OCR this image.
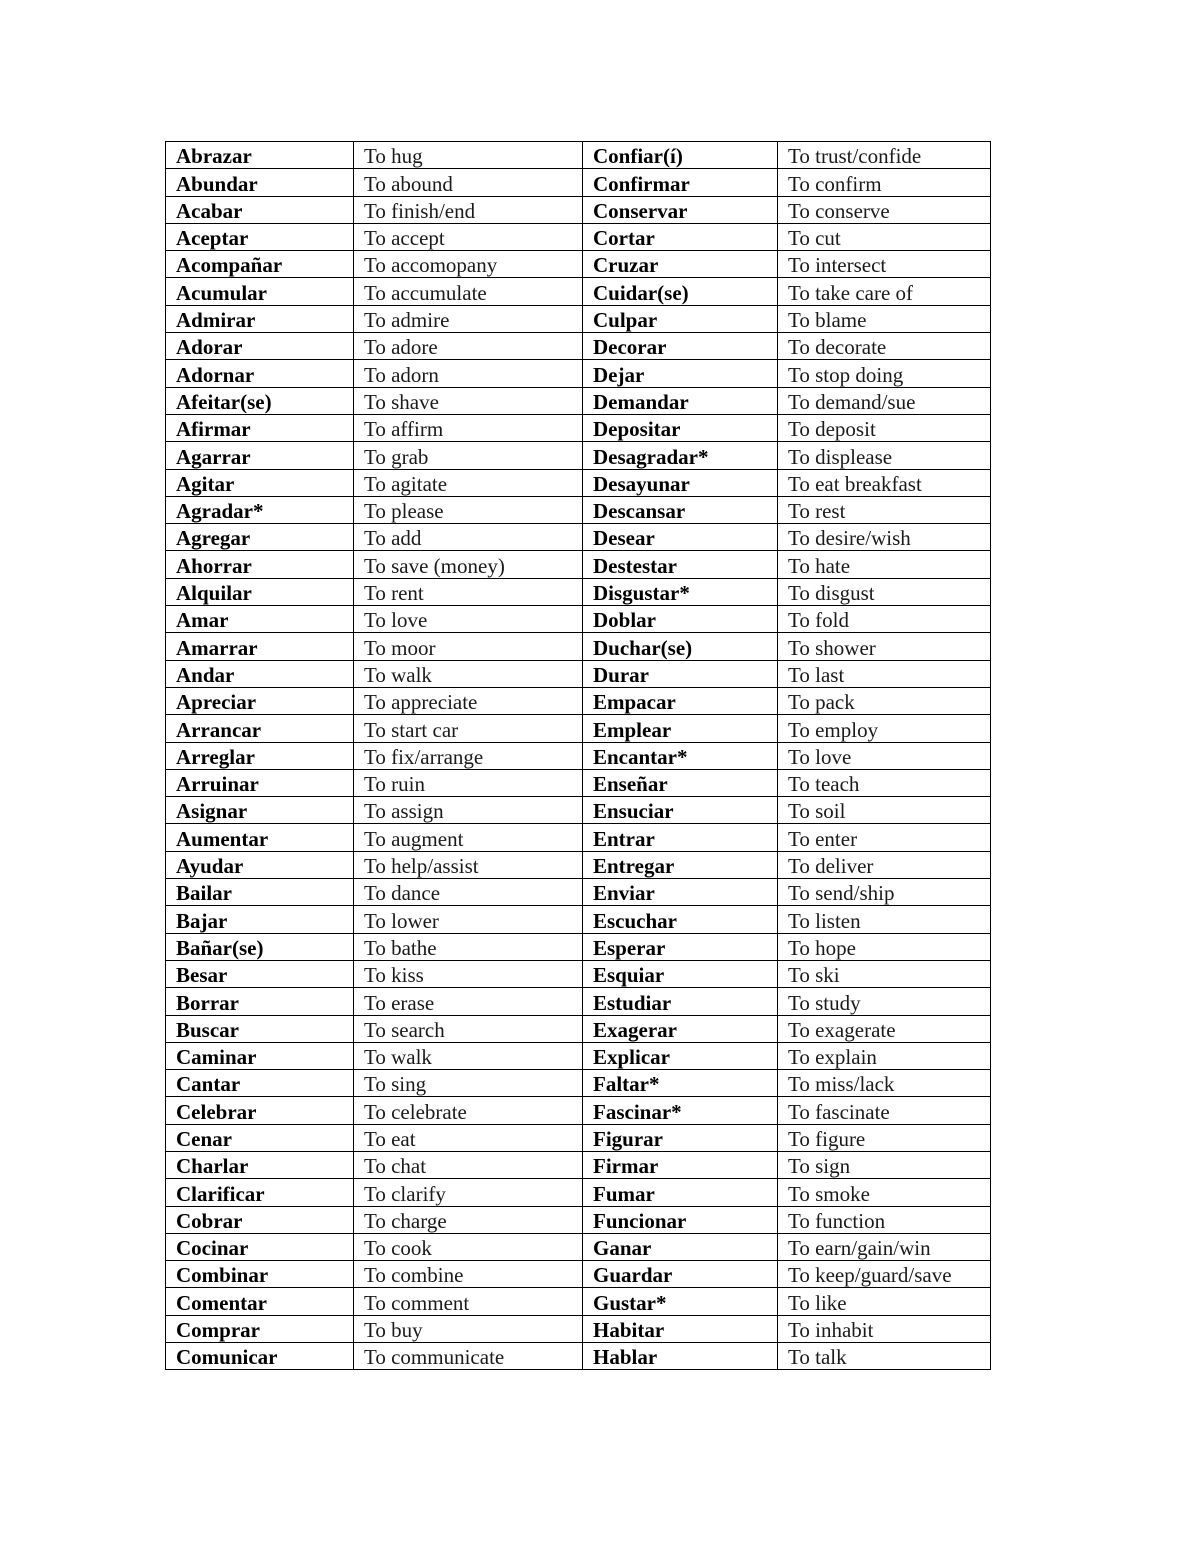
Abrazar	To hug	Confiar(í)	To trust/confide
Abundar	To abound	Confirmar	To confirm
Acabar	To finish/end	Conservar	To conserve
Aceptar	To accept	Cortar	To cut
Acompañar	To accomopany	Cruzar	To intersect
Acumular	To accumulate	Cuidar(se)	To take care of
Admirar	To admire	Culpar	To blame
Adorar	To adore	Decorar	To decorate
Adornar	To adorn	Dejar	To stop doing
Afeitar(se)	To shave	Demandar	To demand/sue
Afirmar	To affirm	Depositar	To deposit
Agarrar	To grab	Desagradar*	To displease
Agitar	To agitate	Desayunar	To eat breakfast
Agradar*	To please	Descansar	To rest
Agregar	To add	Desear	To desire/wish
Ahorrar	To save (money)	Destestar	To hate
Alquilar	To rent	Disgustar*	To disgust
Amar	To love	Doblar	To fold
Amarrar	To moor	Duchar(se)	To shower
Andar	To walk	Durar	To last
Apreciar	To appreciate	Empacar	To pack
Arrancar	To start car	Emplear	To employ
Arreglar	To fix/arrange	Encantar*	To love
Arruinar	To ruin	Enseñar	To teach
Asignar	To assign	Ensuciar	To soil
Aumentar	To augment	Entrar	To enter
Ayudar	To help/assist	Entregar	To deliver
Bailar	To dance	Enviar	To send/ship
Bajar	To lower	Escuchar	To listen
Bañar(se)	To bathe	Esperar	To hope
Besar	To kiss	Esquiar	To ski
Borrar	To erase	Estudiar	To study
Buscar	To search	Exagerar	To exagerate
Caminar	To walk	Explicar	To explain
Cantar	To sing	Faltar*	To miss/lack
Celebrar	To celebrate	Fascinar*	To fascinate
Cenar	To eat	Figurar	To figure
Charlar	To chat	Firmar	To sign
Clarificar	To clarify	Fumar	To smoke
Cobrar	To charge	Funcionar	To function
Cocinar	To cook	Ganar	To earn/gain/win
Combinar	To combine	Guardar	To keep/guard/save
Comentar	To comment	Gustar*	To like
Comprar	To buy	Habitar	To inhabit
Comunicar	To communicate	Hablar	To talk
